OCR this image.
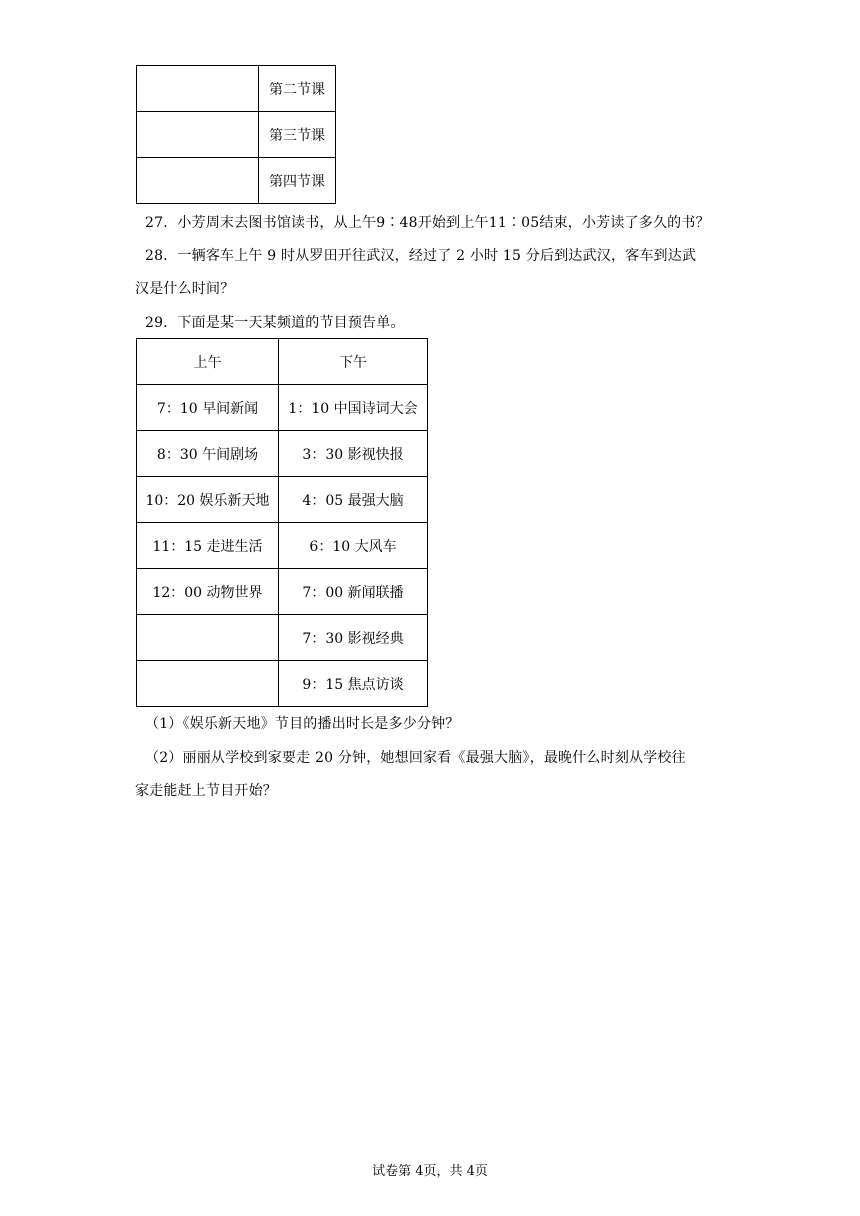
	第二节课
	第三节课
	第四节课
27．小芳周末去图书馆读书，从上午9∶48开始到上午11∶05结束，小芳读了多久的书？
28．一辆客车上午 9 时从罗田开往武汉，经过了 2 小时 15 分后到达武汉，客车到达武
汉是什么时间？
29．下面是某一天某频道的节目预告单。
上午	下午
7：10 早间新闻	1：10 中国诗词大会
8：30 午间剧场	3：30 影视快报
10：20 娱乐新天地	4：05 最强大脑
11：15 走进生活	6：10 大风车
12：00 动物世界	7：00 新闻联播
	7：30 影视经典
	9：15 焦点访谈
（1）《娱乐新天地》节目的播出时长是多少分钟？
（2）丽丽从学校到家要走 20 分钟，她想回家看《最强大脑》，最晚什么时刻从学校往
家走能赶上节目开始？
试卷第 4页，共 4页
